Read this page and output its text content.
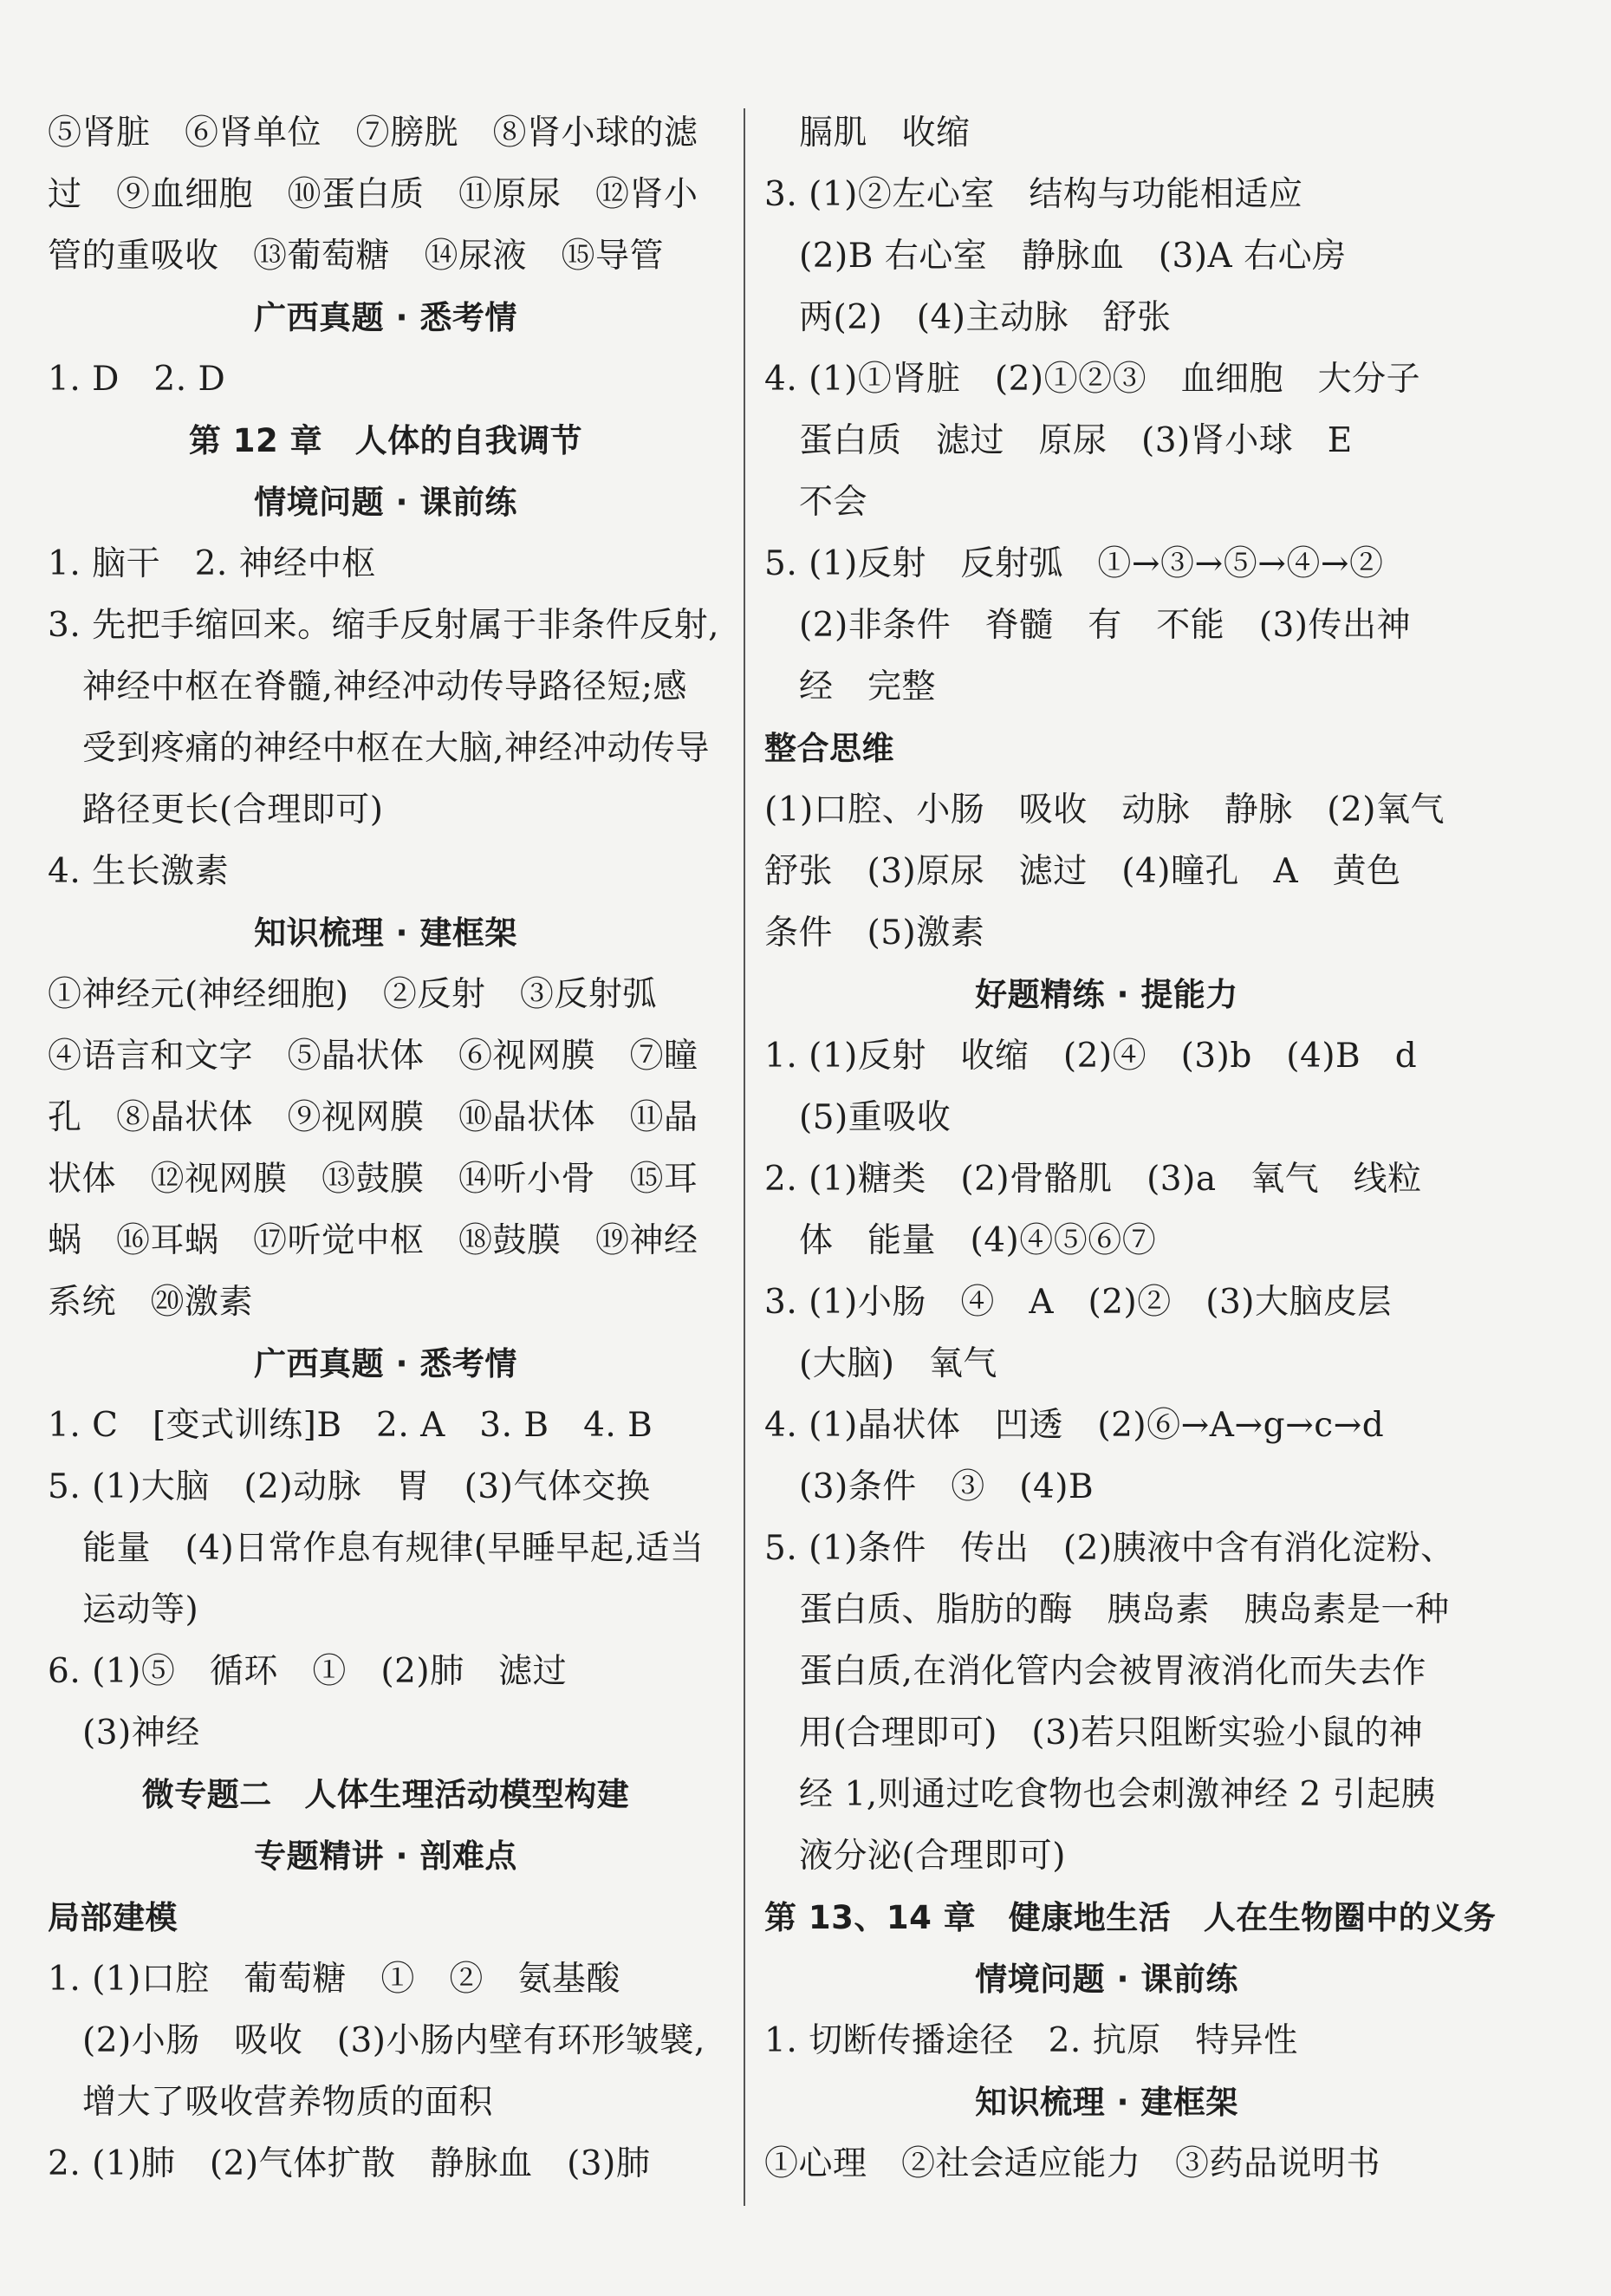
⑤肾脏　⑥肾单位　⑦膀胱　⑧肾小球的滤
过　⑨血细胞　⑩蛋白质　⑪原尿　⑫肾小
管的重吸收　⑬葡萄糖　⑭尿液　⑮导管
广西真题 · 悉考情
1. D　2. D
第 12 章　人体的自我调节
情境问题 · 课前练
1. 脑干　2. 神经中枢
3. 先把手缩回来。缩手反射属于非条件反射,
神经中枢在脊髓,神经冲动传导路径短;感
受到疼痛的神经中枢在大脑,神经冲动传导
路径更长(合理即可)
4. 生长激素
知识梳理 · 建框架
①神经元(神经细胞)　②反射　③反射弧
④语言和文字　⑤晶状体　⑥视网膜　⑦瞳
孔　⑧晶状体　⑨视网膜　⑩晶状体　⑪晶
状体　⑫视网膜　⑬鼓膜　⑭听小骨　⑮耳
蜗　⑯耳蜗　⑰听觉中枢　⑱鼓膜　⑲神经
系统　⑳激素
广西真题 · 悉考情
1. C　[变式训练]B　2. A　3. B　4. B
5. (1)大脑　(2)动脉　胃　(3)气体交换
能量　(4)日常作息有规律(早睡早起,适当
运动等)
6. (1)⑤　循环　①　(2)肺　滤过
(3)神经
微专题二　人体生理活动模型构建
专题精讲 · 剖难点
局部建模
1. (1)口腔　葡萄糖　①　②　氨基酸
(2)小肠　吸收　(3)小肠内壁有环形皱襞,
增大了吸收营养物质的面积
2. (1)肺　(2)气体扩散　静脉血　(3)肺
膈肌　收缩
3. (1)②左心室　结构与功能相适应
(2)B 右心室　静脉血　(3)A 右心房
两(2)　(4)主动脉　舒张
4. (1)①肾脏　(2)①②③　血细胞　大分子
蛋白质　滤过　原尿　(3)肾小球　E
不会
5. (1)反射　反射弧　①→③→⑤→④→②
(2)非条件　脊髓　有　不能　(3)传出神
经　完整
整合思维
(1)口腔、小肠　吸收　动脉　静脉　(2)氧气
舒张　(3)原尿　滤过　(4)瞳孔　A　黄色
条件　(5)激素
好题精练 · 提能力
1. (1)反射　收缩　(2)④　(3)b　(4)B　d
(5)重吸收
2. (1)糖类　(2)骨骼肌　(3)a　氧气　线粒
体　能量　(4)④⑤⑥⑦
3. (1)小肠　④　A　(2)②　(3)大脑皮层
(大脑)　氧气
4. (1)晶状体　凹透　(2)⑥→A→g→c→d
(3)条件　③　(4)B
5. (1)条件　传出　(2)胰液中含有消化淀粉、
蛋白质、脂肪的酶　胰岛素　胰岛素是一种
蛋白质,在消化管内会被胃液消化而失去作
用(合理即可)　(3)若只阻断实验小鼠的神
经 1,则通过吃食物也会刺激神经 2 引起胰
液分泌(合理即可)
第 13、14 章　健康地生活　人在生物圈中的义务
情境问题 · 课前练
1. 切断传播途径　2. 抗原　特异性
知识梳理 · 建框架
①心理　②社会适应能力　③药品说明书
